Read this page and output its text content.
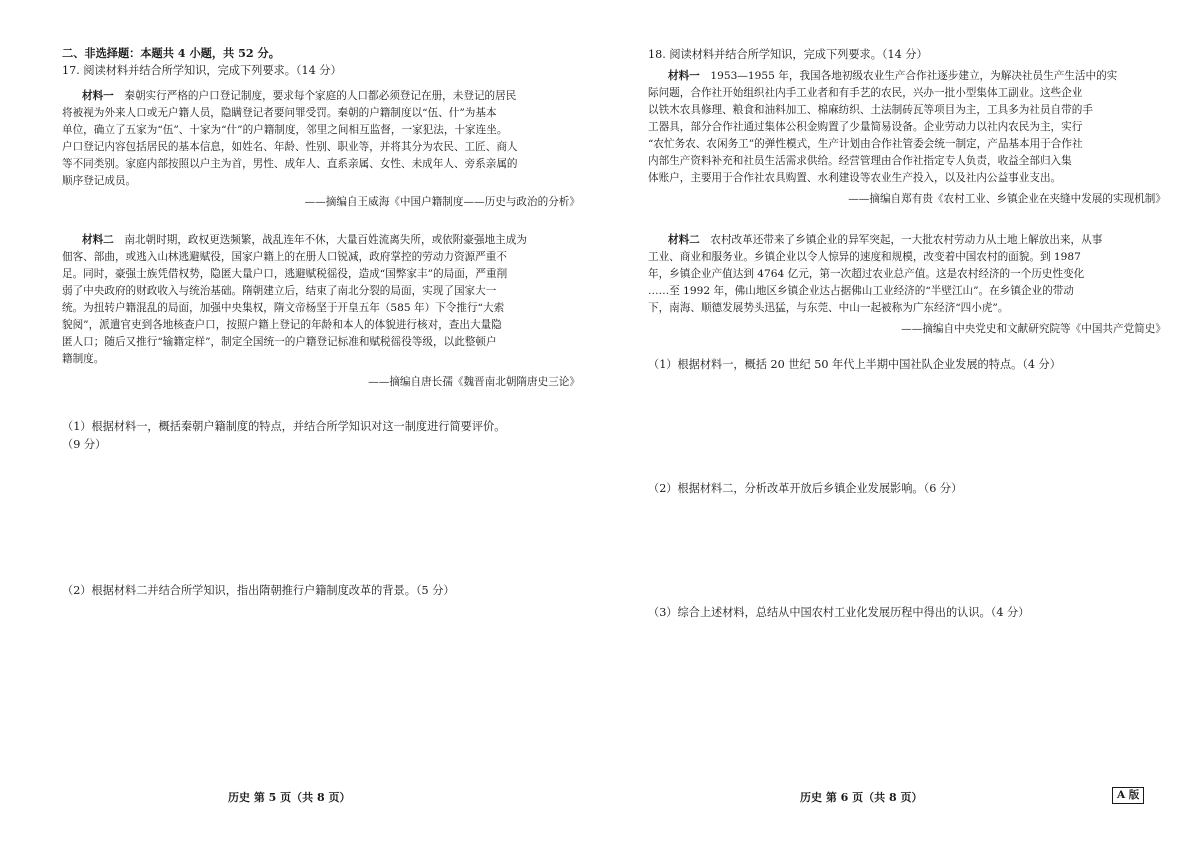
二、非选择题：本题共 4 小题，共 52 分。
17. 阅读材料并结合所学知识，完成下列要求。（14 分）
材料一　 秦朝实行严格的户口登记制度，要求每个家庭的人口都必须登记在册，未登记的居民
将被视为外来人口或无户籍人员，隐瞒登记者要问罪受罚。秦朝的户籍制度以“伍、什”为基本
单位，确立了五家为“伍”、十家为“什”的户籍制度，邻里之间相互监督，一家犯法，十家连坐。
户口登记内容包括居民的基本信息，如姓名、年龄、性别、职业等，并将其分为农民、工匠、商人
等不同类别。家庭内部按照以户主为首，男性、成年人、直系亲属、女性、未成年人、旁系亲属的
顺序登记成员。
——摘编自王威海《中国户籍制度——历史与政治的分析》
材料二　 南北朝时期，政权更迭频繁，战乱连年不休，大量百姓流离失所，或依附豪强地主成为
佃客、部曲，或逃入山林逃避赋役，国家户籍上的在册人口锐减，政府掌控的劳动力资源严重不
足。同时，豪强士族凭借权势，隐匿大量户口，逃避赋税徭役，造成“国弊家丰”的局面，严重削
弱了中央政府的财政收入与统治基础。隋朝建立后，结束了南北分裂的局面，实现了国家大一
统。为扭转户籍混乱的局面，加强中央集权，隋文帝杨坚于开皇五年（585 年）下令推行“大索
貌阅”，派遣官吏到各地核查户口，按照户籍上登记的年龄和本人的体貌进行核对，查出大量隐
匿人口；随后又推行“输籍定样”，制定全国统一的户籍登记标准和赋税徭役等级，以此整顿户
籍制度。
——摘编自唐长孺《魏晋南北朝隋唐史三论》
（1）根据材料一，概括秦朝户籍制度的特点，并结合所学知识对这一制度进行简要评价。
（9 分）
（2）根据材料二并结合所学知识，指出隋朝推行户籍制度改革的背景。（5 分）
历史 第 5 页（共 8 页）
18. 阅读材料并结合所学知识，完成下列要求。（14 分）
材料一　 1953—1955 年，我国各地初级农业生产合作社逐步建立，为解决社员生产生活中的实
际问题，合作社开始组织社内手工业者和有手艺的农民，兴办一批小型集体工副业。这些企业
以铁木农具修理、粮食和油料加工、棉麻纺织、土法制砖瓦等项目为主，工具多为社员自带的手
工器具，部分合作社通过集体公积金购置了少量简易设备。企业劳动力以社内农民为主，实行
“农忙务农、农闲务工”的弹性模式，生产计划由合作社管委会统一制定，产品基本用于合作社
内部生产资料补充和社员生活需求供给。经营管理由合作社指定专人负责，收益全部归入集
体账户，主要用于合作社农具购置、水利建设等农业生产投入，以及社内公益事业支出。
——摘编自郑有贵《农村工业、乡镇企业在夹缝中发展的实现机制》
材料二　 农村改革还带来了乡镇企业的异军突起，一大批农村劳动力从土地上解放出来，从事
工业、商业和服务业。乡镇企业以令人惊异的速度和规模，改变着中国农村的面貌。到 1987
年，乡镇企业产值达到 4764 亿元，第一次超过农业总产值。这是农村经济的一个历史性变化
……至 1992 年，佛山地区乡镇企业达占据佛山工业经济的“半壁江山”。在乡镇企业的带动
下，南海、顺德发展势头迅猛，与东莞、中山一起被称为广东经济“四小虎”。
——摘编自中央党史和文献研究院等《中国共产党简史》
（1）根据材料一，概括 20 世纪 50 年代上半期中国社队企业发展的特点。（4 分）
（2）根据材料二，分析改革开放后乡镇企业发展影响。（6 分）
（3）综合上述材料，总结从中国农村工业化发展历程中得出的认识。（4 分）
历史 第 6 页（共 8 页）	A 版
